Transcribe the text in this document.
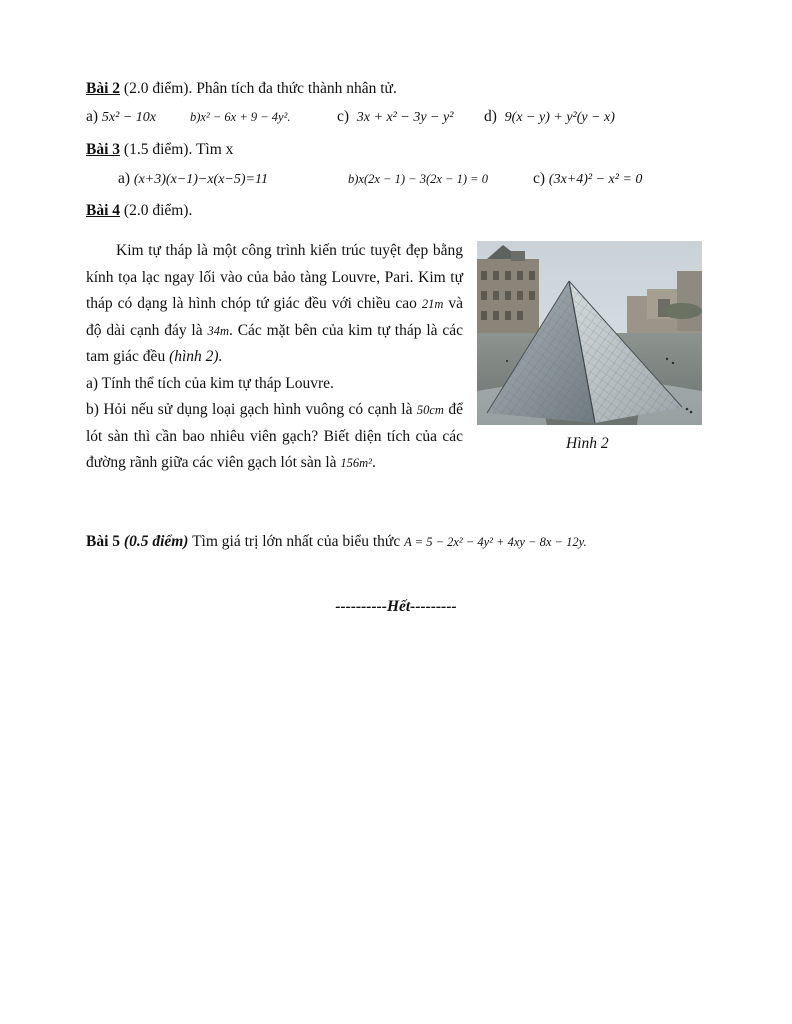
Bài 2 (2.0 điểm). Phân tích đa thức thành nhân tử.
a) 5x² − 10x	b)x² − 6x + 9 − 4y².	c) 3x + x² − 3y − y² d) 9(x − y) + y²(y − x)
Bài 3 (1.5 điểm). Tìm x
a) (x+3)(x−1)−x(x−5)=11	b)x(2x − 1) − 3(2x − 1) = 0	c) (3x+4)² − x² = 0
Bài 4 (2.0 điểm).

Kim tự tháp là một công trình kiến trúc tuyệt đẹp bằng kính tọa lạc ngay lối vào của bảo tàng Louvre, Pari. Kim tự tháp có dạng là hình chóp tứ giác đều với chiều cao 21m và độ dài cạnh đáy là 34m. Các mặt bên của kim tự tháp là các tam giác đều (hình 2).

a) Tính thể tích của kim tự tháp Louvre.

b) Hỏi nếu sử dụng loại gạch hình vuông có cạnh là 50cm để lót sàn thì cần bao nhiêu viên gạch? Biết diện tích của các đường rãnh giữa các viên gạch lót sàn là 156m².

Hình 2
Bài 5 (0.5 điểm) Tìm giá trị lớn nhất của biểu thức A = 5 − 2x² − 4y² + 4xy − 8x − 12y.
----------Hết---------
